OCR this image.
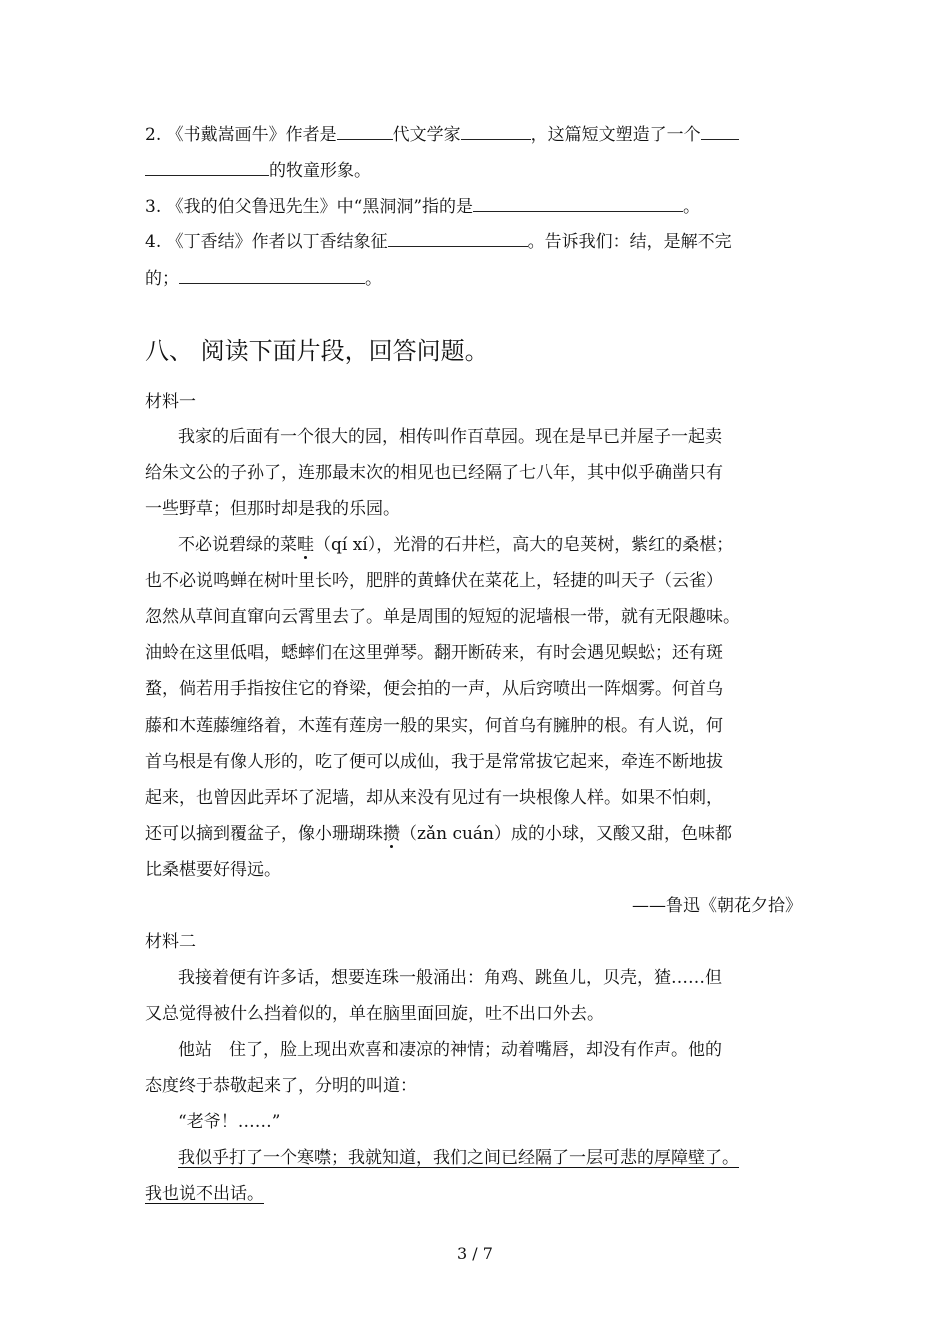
2. 《书戴嵩画牛》作者是	代文学家	，这篇短文塑造了一个
的牧童形象。
3. 《我的伯父鲁迅先生》中“黑洞洞”指的是	。
4. 《丁香结》作者以丁香结象征	。告诉我们：结，是解不完
的；	。
八、 阅读下面片段，回答问题。
材料一
我家的后面有一个很大的园，相传叫作百草园。现在是早已并屋子一起卖
给朱文公的子孙了，连那最末次的相见也已经隔了七八年，其中似乎确凿只有
一些野草；但那时却是我的乐园。
不必说碧绿的菜畦（qí xí），光滑的石井栏，高大的皂荚树，紫红的桑椹；
也不必说鸣蝉在树叶里长吟，肥胖的黄蜂伏在菜花上，轻捷的叫天子（云雀）
忽然从草间直窜向云霄里去了。单是周围的短短的泥墙根一带，就有无限趣味。
油蛉在这里低唱，蟋蟀们在这里弹琴。翻开断砖来，有时会遇见蜈蚣；还有斑
蝥，倘若用手指按住它的脊梁，便会拍的一声，从后窍喷出一阵烟雾。何首乌
藤和木莲藤缠络着，木莲有莲房一般的果实，何首乌有臃肿的根。有人说，何
首乌根是有像人形的，吃了便可以成仙，我于是常常拔它起来，牵连不断地拔
起来，也曾因此弄坏了泥墙，却从来没有见过有一块根像人样。如果不怕刺，
还可以摘到覆盆子，像小珊瑚珠攒（zǎn cuán）成的小球，又酸又甜，色味都
比桑椹要好得远。
——鲁迅《朝花夕拾》
材料二
我接着便有许多话，想要连珠一般涌出：角鸡、跳鱼儿，贝壳，猹……但
又总觉得被什么挡着似的，单在脑里面回旋，吐不出口外去。
他站　住了，脸上现出欢喜和凄凉的神情；动着嘴唇，却没有作声。他的
态度终于恭敬起来了，分明的叫道：
“老爷！……”
我似乎打了一个寒噤；我就知道，我们之间已经隔了一层可悲的厚障壁了。
我也说不出话。
3 / 7
